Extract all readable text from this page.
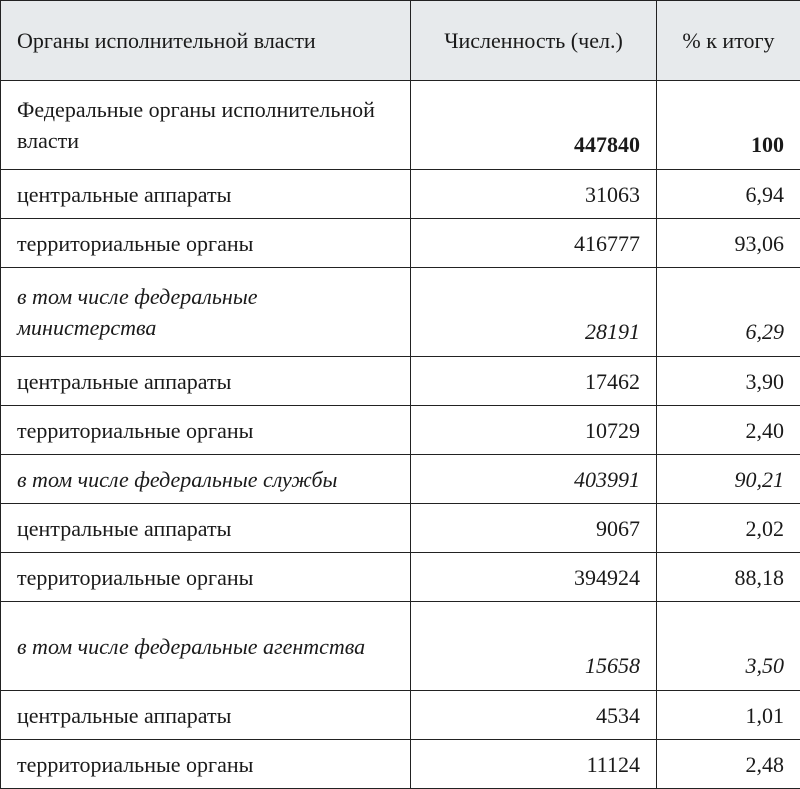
Органы исполнительной власти	Численность (чел.)	% к итогу
Федеральные органы исполнительной власти	447840	100
центральные аппараты	31063	6,94
территориальные органы	416777	93,06
в том числе федеральные министерства	28191	6,29
центральные аппараты	17462	3,90
территориальные органы	10729	2,40
в том числе федеральные службы	403991	90,21
центральные аппараты	9067	2,02
территориальные органы	394924	88,18
в том числе федеральные агентства	15658	3,50
центральные аппараты	4534	1,01
территориальные органы	11124	2,48
